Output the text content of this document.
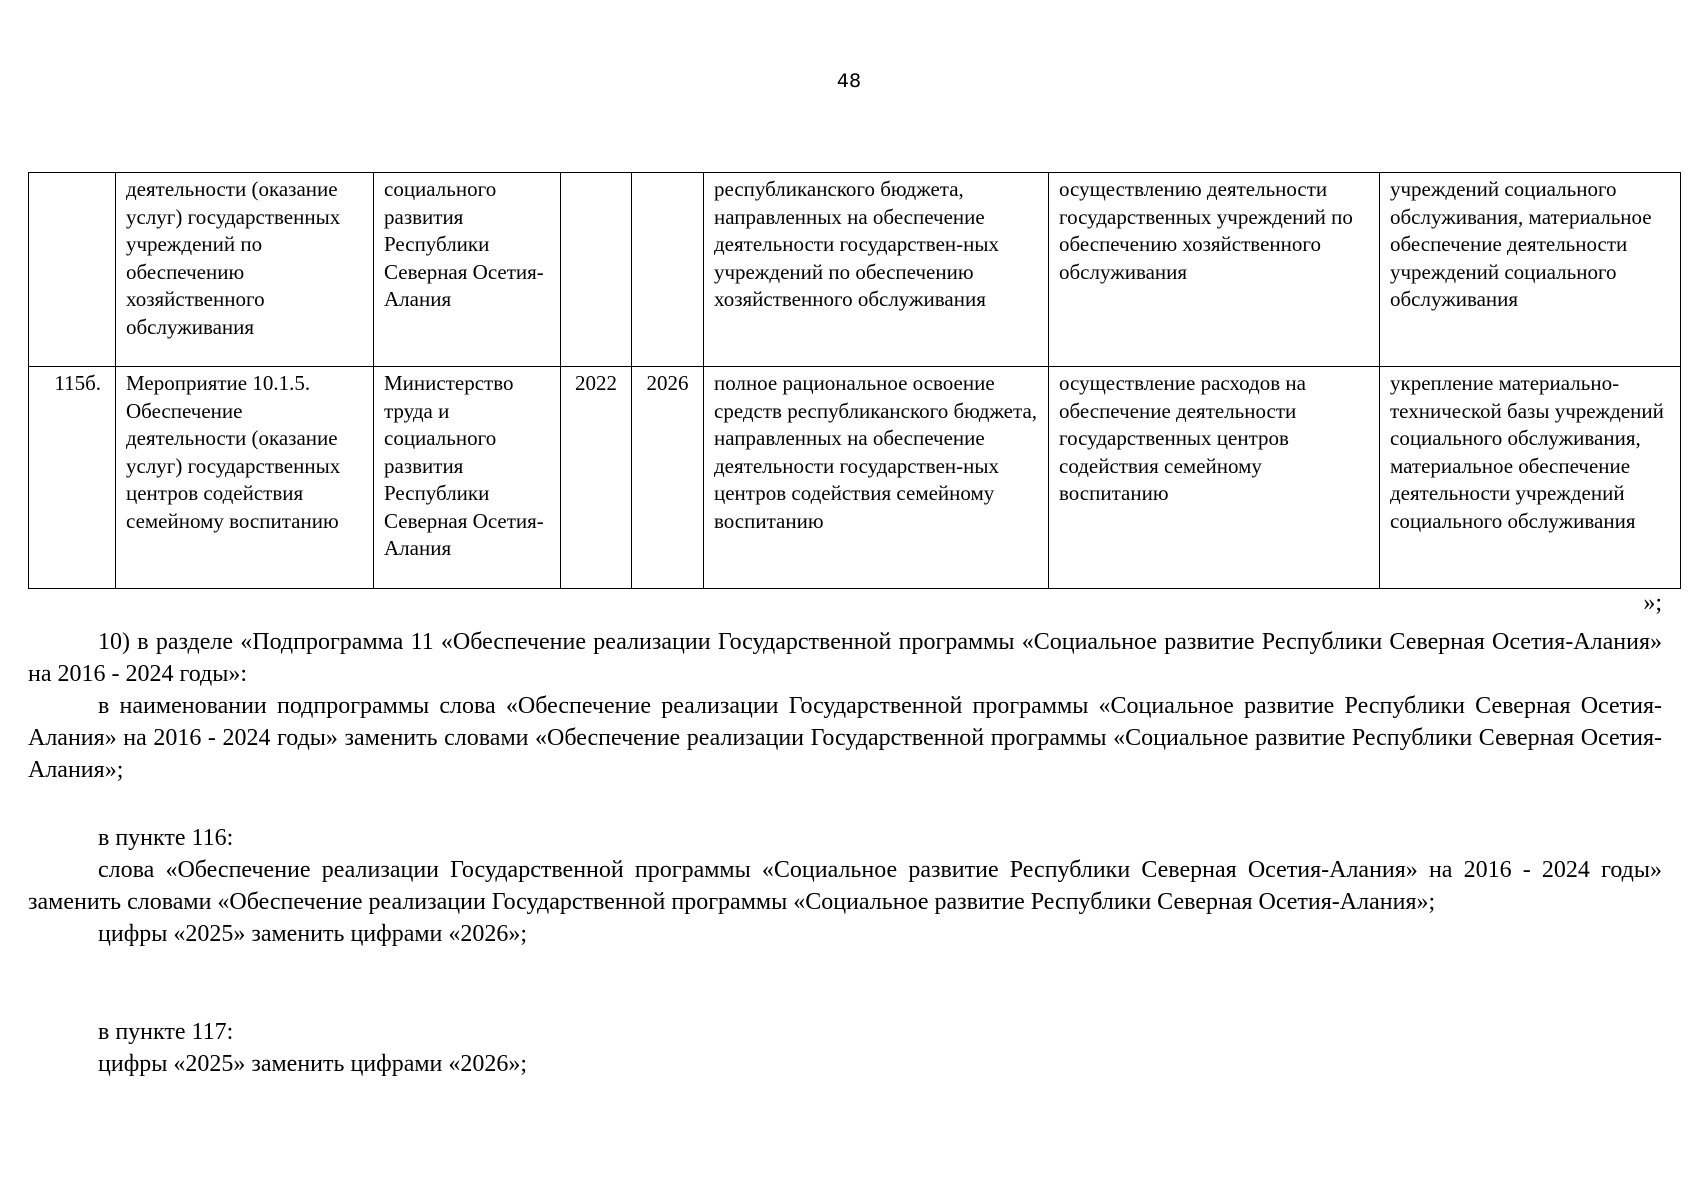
48
	деятельности (оказание услуг) государственных учреждений по обеспечению хозяйственного обслуживания	социального развития Республики Северная Осетия-Алания			республиканского бюджета, направленных на обеспечение деятельности государствен-ных учреждений по обеспечению хозяйственного обслуживания	осуществлению деятельности государственных учреждений по обеспечению хозяйственного обслуживания	учреждений социального обслуживания, материальное обеспечение деятельности учреждений социального обслуживания
115б.	Мероприятие 10.1.5. Обеспечение деятельности (оказание услуг) государственных центров содействия семейному воспитанию	Министерство труда и социального развития Республики Северная Осетия-Алания	2022	2026	полное рациональное освоение средств республиканского бюджета, направленных на обеспечение деятельности государствен-ных центров содействия семейному воспитанию	осуществление расходов на обеспечение деятельности государственных центров содействия семейному воспитанию	укрепление материально-технической базы учреждений социального обслуживания, материальное обеспечение деятельности учреждений социального обслуживания
»;

10) в разделе «Подпрограмма 11 «Обеспечение реализации Государственной программы «Социальное развитие Республики Северная Осетия-Алания» на 2016 - 2024 годы»:

в наименовании подпрограммы слова «Обеспечение реализации Государственной программы «Социальное развитие Республики Северная Осетия-Алания» на 2016 - 2024 годы» заменить словами «Обеспечение реализации Государственной программы «Социальное развитие Республики Северная Осетия-Алания»;

в пункте 116:

слова «Обеспечение реализации Государственной программы «Социальное развитие Республики Северная Осетия-Алания» на 2016 - 2024 годы» заменить словами «Обеспечение реализации Государственной программы «Социальное развитие Республики Северная Осетия-Алания»;

цифры «2025» заменить цифрами «2026»;

в пункте 117:

цифры «2025» заменить цифрами «2026»;
